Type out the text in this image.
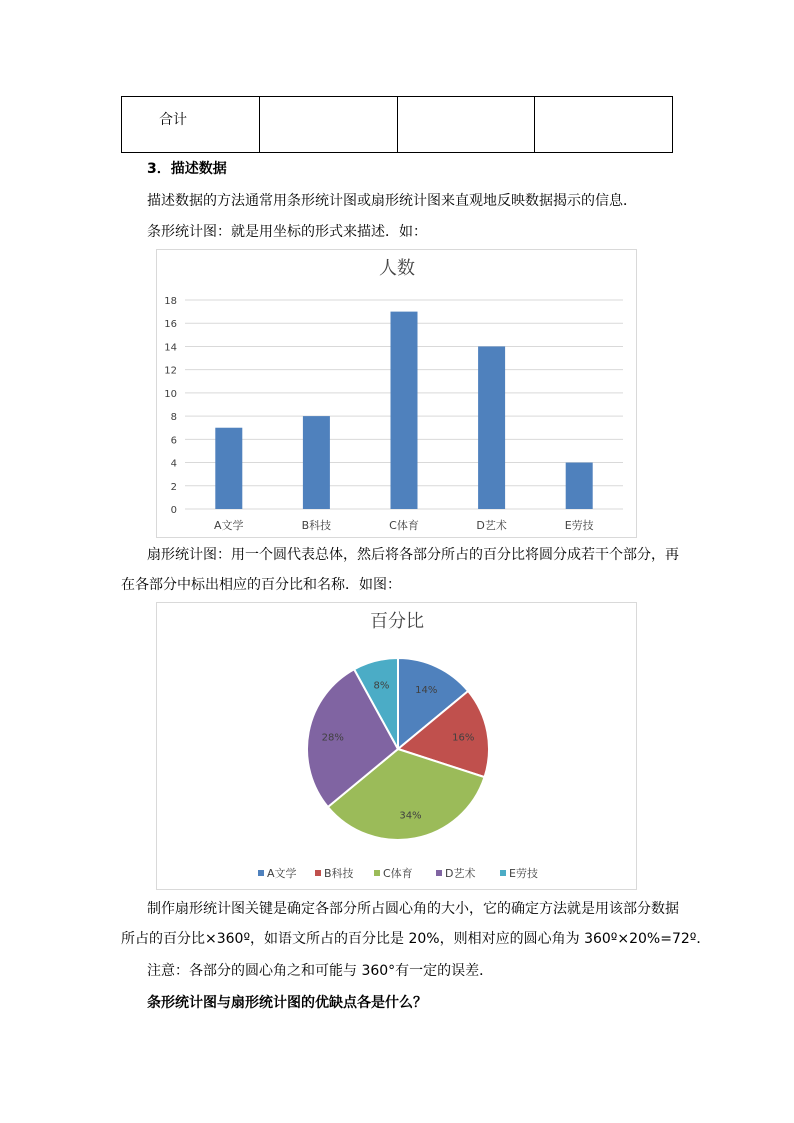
合计
3．描述数据
描述数据的方法通常用条形统计图或扇形统计图来直观地反映数据揭示的信息．
条形统计图：就是用坐标的形式来描述．如：
人数
0
2
4
6
8
10
12
14
16
18
A文学	B科技	C体育	D艺术	E劳技
扇形统计图：用一个圆代表总体，然后将各部分所占的百分比将圆分成若干个部分，再
在各部分中标出相应的百分比和名称．如图：
百分比
14%
16%
34%
28%
8%
A文学 B科技	C体育	D艺术	E劳技
制作扇形统计图关键是确定各部分所占圆心角的大小，它的确定方法就是用该部分数据
所占的百分比×360º，如语文所占的百分比是 20%，则相对应的圆心角为 360º×20%=72º．
注意：各部分的圆心角之和可能与 360°有一定的误差．
条形统计图与扇形统计图的优缺点各是什么？
